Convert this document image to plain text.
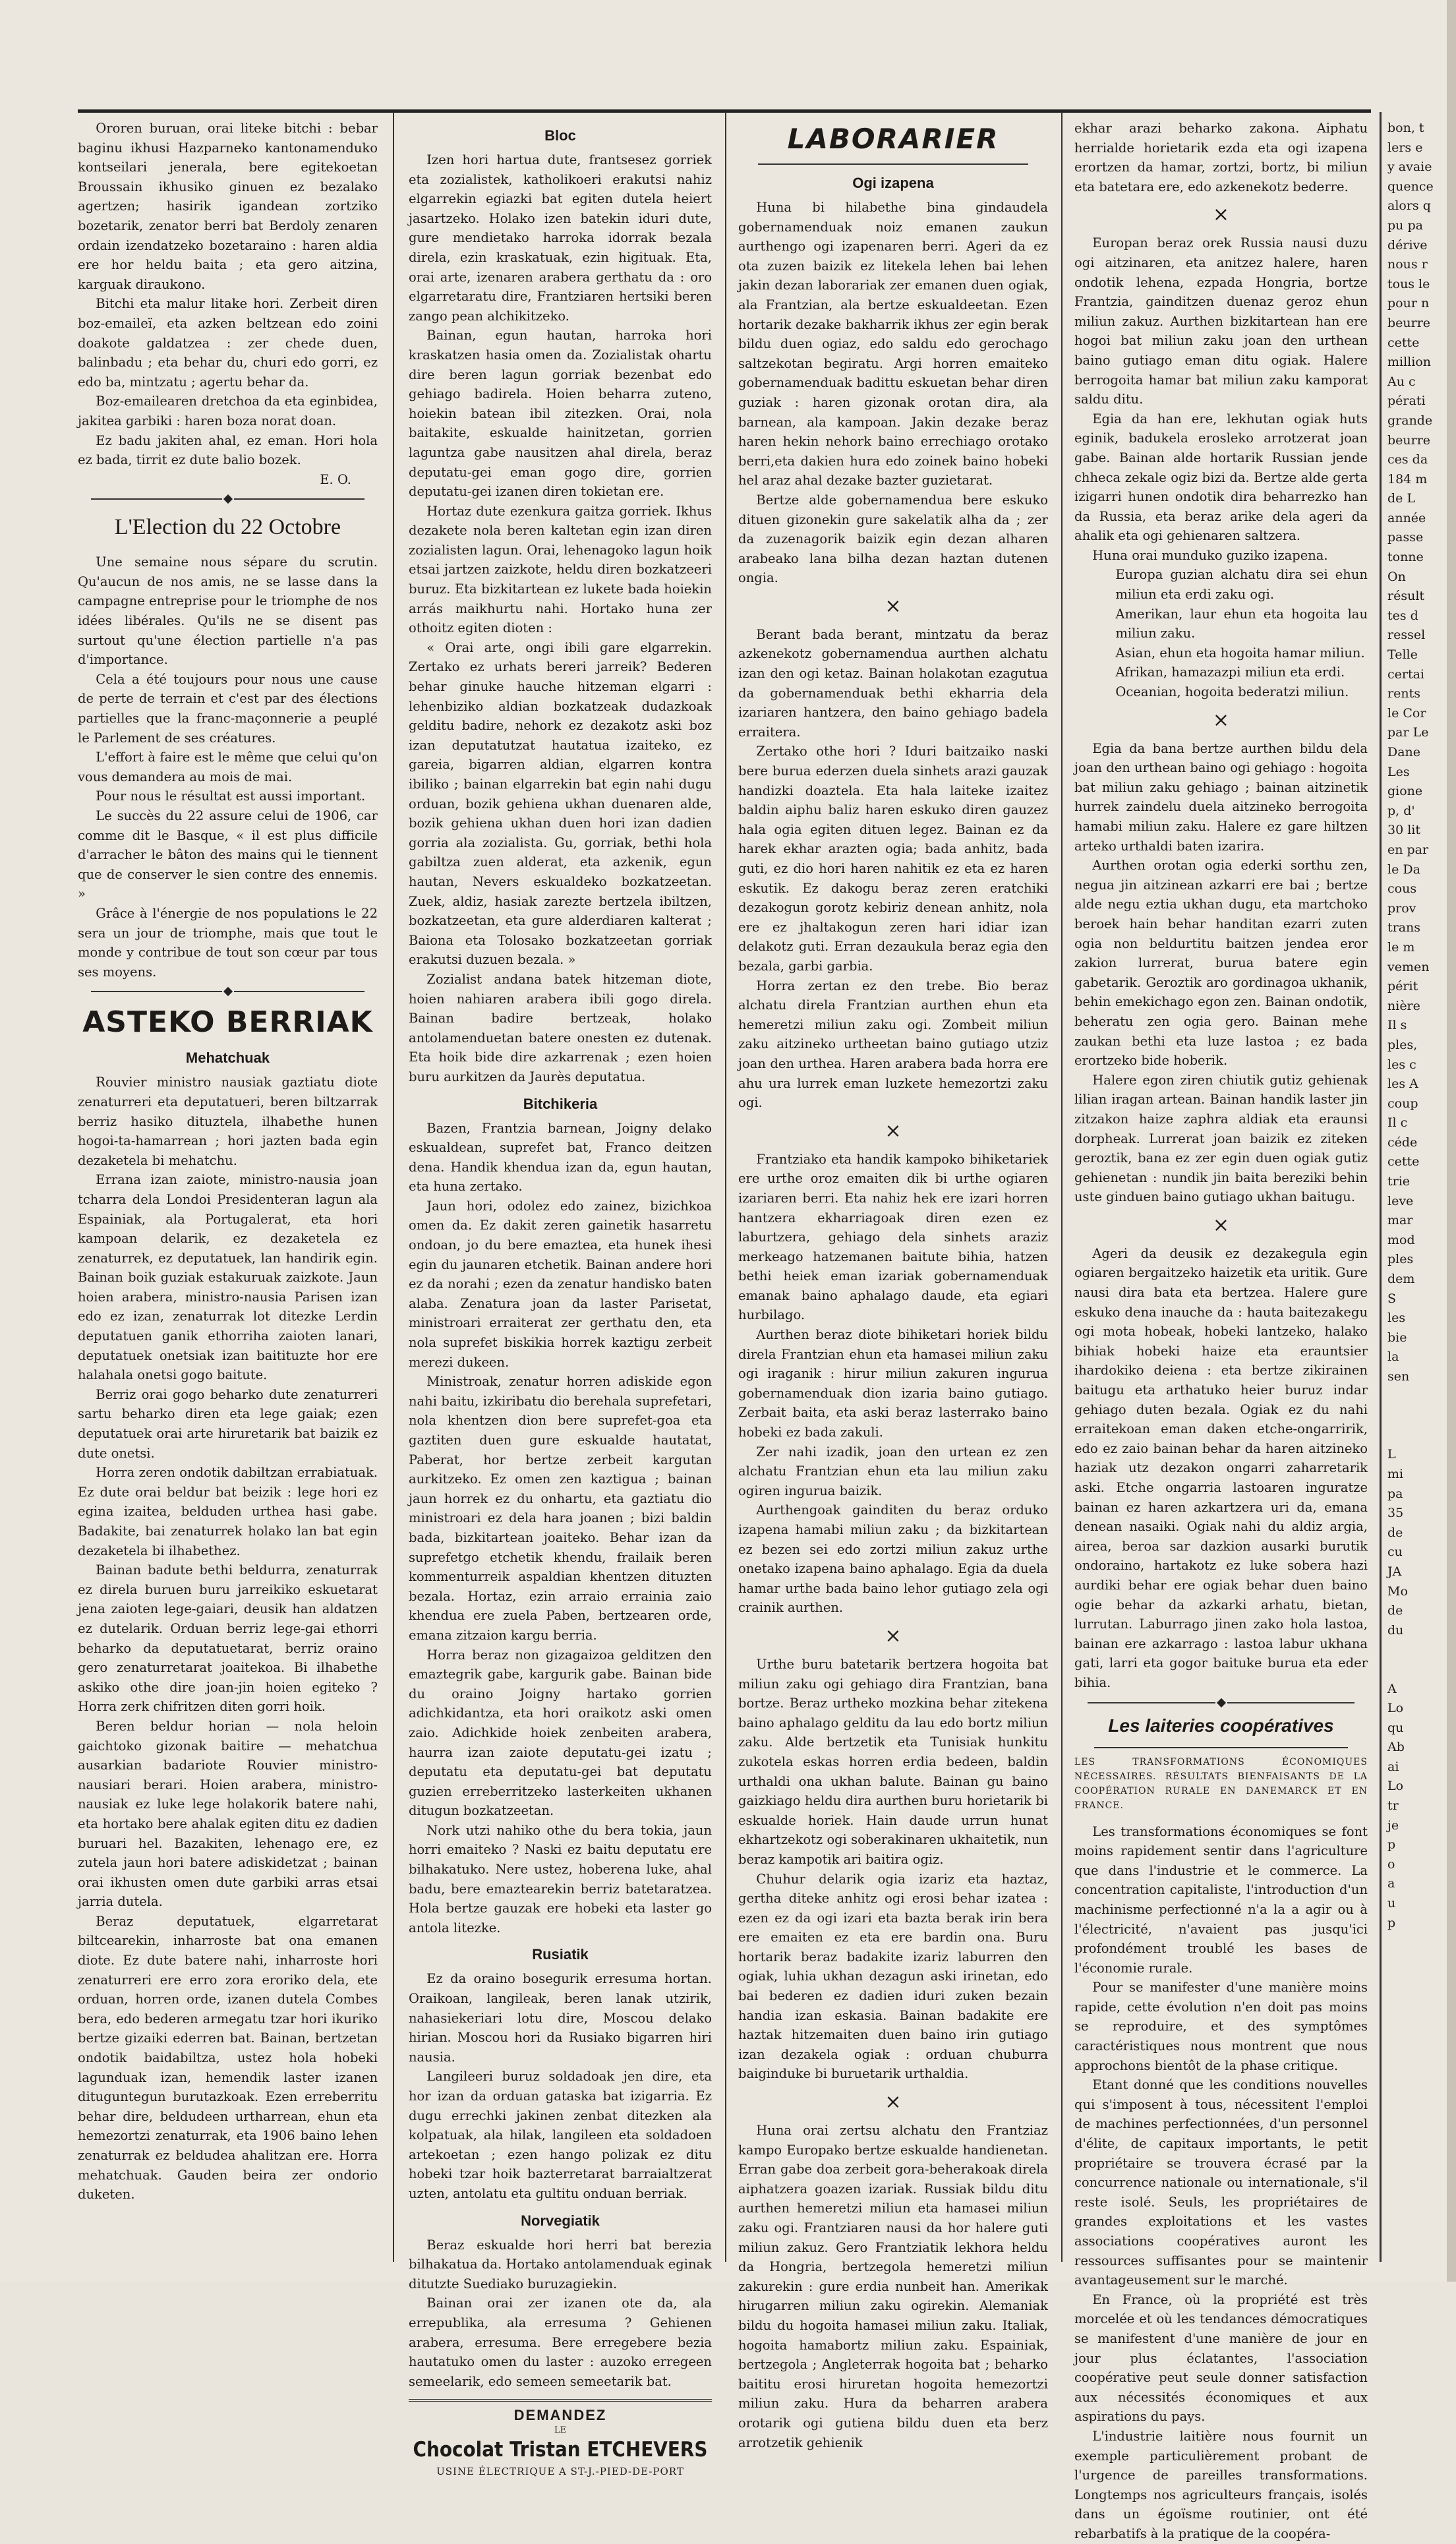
Ororen buruan, orai liteke bitchi : bebar baginu ikhusi Hazparneko kantonamenduko kontseilari jenerala, bere egitekoetan Broussain ikhusiko ginuen ez bezalako agertzen; hasirik igandean zortziko bozetarik, zenator berri bat Berdoly zenaren ordain izendatzeko bozetaraino : haren aldia ere hor heldu baita ; eta gero aitzina, karguak diraukono.

Bitchi eta malur litake hori. Zerbeit diren boz-emaileï, eta azken beltzean edo zoini doakote galdatzea : zer chede duen, balinbadu ; eta behar du, churi edo gorri, ez edo ba, mintzatu ; agertu behar da.

Boz-emailearen dretchoa da eta eginbidea, jakitea garbiki : haren boza norat doan.

Ez badu jakiten ahal, ez eman. Hori hola ez bada, tirrit ez dute balio bozek.

E. O.
L'Election du 22 Octobre

Une semaine nous sépare du scrutin. Qu'aucun de nos amis, ne se lasse dans la campagne entreprise pour le triomphe de nos idées libérales. Qu'ils ne se disent pas surtout qu'une élection partielle n'a pas d'importance.

Cela a été toujours pour nous une cause de perte de terrain et c'est par des élections partielles que la franc-maçonnerie a peuplé le Parlement de ses créatures.

L'effort à faire est le même que celui qu'on vous demandera au mois de mai.

Pour nous le résultat est aussi important.

Le succès du 22 assure celui de 1906, car comme dit le Basque, « il est plus difficile d'arracher le bâton des mains qui le tiennent que de conserver le sien contre des ennemis. »

Grâce à l'énergie de nos populations le 22 sera un jour de triomphe, mais que tout le monde y contribue de tout son cœur par tous ses moyens.

ASTEKO BERRIAK
Mehatchuak

Rouvier ministro nausiak gaztiatu diote zenaturreri eta deputatueri, beren biltzarrak berriz hasiko dituztela, ilhabethe hunen hogoi-ta-hamarrean ; hori jazten bada egin dezaketela bi mehatchu.

Errana izan zaiote, ministro-nausia joan tcharra dela Londoi Presidenteran lagun ala Espainiak, ala Portugalerat, eta hori kampoan delarik, ez dezaketela ez zenaturrek, ez deputatuek, lan handirik egin. Bainan boik guziak estakuruak zaizkote. Jaun hoien arabera, ministro-nausia Parisen izan edo ez izan, zenaturrak lot ditezke Lerdin deputatuen ganik ethorriha zaioten lanari, deputatuek onetsiak izan baitituzte hor ere halahala onetsi gogo baitute.

Berriz orai gogo beharko dute zenaturreri sartu beharko diren eta lege gaiak; ezen deputatuek orai arte hiruretarik bat baizik ez dute onetsi.

Horra zeren ondotik dabiltzan errabiatuak. Ez dute orai beldur bat beizik : lege hori ez egina izaitea, belduden urthea hasi gabe. Badakite, bai zenaturrek holako lan bat egin dezaketela bi ilhabethez.

Bainan badute bethi beldurra, zenaturrak ez direla buruen buru jarreikiko eskuetarat jena zaioten lege-gaiari, deusik han aldatzen ez dutelarik. Orduan berriz lege-gai ethorri beharko da deputatuetarat, berriz oraino gero zenaturretarat joaitekoa. Bi ilhabethe askiko othe dire joan-jin hoien egiteko ? Horra zerk chifritzen diten gorri hoik.

Beren beldur horian — nola heloin gaichtoko gizonak baitire — mehatchua ausarkian badariote Rouvier ministro-nausiari berari. Hoien arabera, ministro-nausiak ez luke lege holakorik batere nahi, eta hortako bere ahalak egiten ditu ez dadien buruari hel. Bazakiten, lehenago ere, ez zutela jaun hori batere adiskidetzat ; bainan orai ikhusten omen dute garbiki arras etsai jarria dutela.

Beraz deputatuek, elgarretarat biltcearekin, inharroste bat ona emanen diote. Ez dute batere nahi, inharroste hori zenaturreri ere erro zora eroriko dela, ete orduan, horren orde, izanen dutela Combes bera, edo bederen armegatu tzar hori ikuriko bertze gizaiki ederren bat. Bainan, bertzetan ondotik baidabiltza, ustez hola hobeki lagunduak izan, hemendik laster izanen dituguntegun burutazkoak. Ezen erreberritu behar dire, beldudeen urtharrean, ehun eta hemezortzi zenaturrak, eta 1906 baino lehen zenaturrak ez beldudea ahalitzan ere. Horra mehatchuak. Gauden beira zer ondorio duketen.

Bloc

Izen hori hartua dute, frantsesez gorriek eta zozialistek, katholikoeri erakutsi nahiz elgarrekin egiazki bat egiten dutela heiert jasartzeko. Holako izen batekin iduri dute, gure mendietako harroka idorrak bezala direla, ezin kraskatuak, ezin higituak. Eta, orai arte, izenaren arabera gerthatu da : oro elgarretaratu dire, Frantziaren hertsiki beren zango pean alchikitzeko.

Bainan, egun hautan, harroka hori kraskatzen hasia omen da. Zozialistak ohartu dire beren lagun gorriak bezenbat edo gehiago badirela. Hoien beharra zuteno, hoiekin batean ibil zitezken. Orai, nola baitakite, eskualde hainitzetan, gorrien laguntza gabe nausitzen ahal direla, beraz deputatu-gei eman gogo dire, gorrien deputatu-gei izanen diren tokietan ere.

Hortaz dute ezenkura gaitza gorriek. Ikhus dezakete nola beren kaltetan egin izan diren zozialisten lagun. Orai, lehenagoko lagun hoik etsai jartzen zaizkote, heldu diren bozkatzeeri buruz. Eta bizkitartean ez lukete bada hoiekin arrás maikhurtu nahi. Hortako huna zer othoitz egiten dioten :

« Orai arte, ongi ibili gare elgarrekin. Zertako ez urhats bereri jarreik? Bederen behar ginuke hauche hitzeman elgarri : lehenbiziko aldian bozkatzeak dudazkoak gelditu badire, nehork ez dezakotz aski boz izan deputatutzat hautatua izaiteko, ez gareia, bigarren aldian, elgarren kontra ibiliko ; bainan elgarrekin bat egin nahi dugu orduan, bozik gehiena ukhan duenaren alde, bozik gehiena ukhan duen hori izan dadien gorria ala zozialista. Gu, gorriak, bethi hola gabiltza zuen alderat, eta azkenik, egun hautan, Nevers eskualdeko bozkatzeetan. Zuek, aldiz, hasiak zarezte bertzela ibiltzen, bozkatzeetan, eta gure alderdiaren kalterat ; Baiona eta Tolosako bozkatzeetan gorriak erakutsi duzuen bezala. »

Zozialist andana batek hitzeman diote, hoien nahiaren arabera ibili gogo direla. Bainan badire bertzeak, holako antolamenduetan batere onesten ez dutenak. Eta hoik bide dire azkarrenak ; ezen hoien buru aurkitzen da Jaurès deputatua.

Bitchikeria

Bazen, Frantzia barnean, Joigny delako eskualdean, suprefet bat, Franco deitzen dena. Handik khendua izan da, egun hautan, eta huna zertako.

Jaun hori, odolez edo zainez, bizichkoa omen da. Ez dakit zeren gainetik hasarretu ondoan, jo du bere emaztea, eta hunek ihesi egin du jaunaren etchetik. Bainan andere hori ez da norahi ; ezen da zenatur handisko baten alaba. Zenatura joan da laster Parisetat, ministroari erraiterat zer gerthatu den, eta nola suprefet biskikia horrek kaztigu zerbeit merezi dukeen.

Ministroak, zenatur horren adiskide egon nahi baitu, izkiribatu dio berehala suprefetari, nola khentzen dion bere suprefet-goa eta gaztiten duen gure eskualde hautatat, Paberat, hor bertze zerbeit kargutan aurkitzeko. Ez omen zen kaztigua ; bainan jaun horrek ez du onhartu, eta gaztiatu dio ministroari ez dela hara joanen ; bizi baldin bada, bizkitartean joaiteko. Behar izan da suprefetgo etchetik khendu, frailaik beren kommenturreik aspaldian khentzen dituzten bezala. Hortaz, ezin arraio errainia zaio khendua ere zuela Paben, bertzearen orde, emana zitzaion kargu berria.

Horra beraz non gizagaizoa gelditzen den emaztegrik gabe, kargurik gabe. Bainan bide du oraino Joigny hartako gorrien adichkidantza, eta hori oraikotz aski omen zaio. Adichkide hoiek zenbeiten arabera, haurra izan zaiote deputatu-gei izatu ; deputatu eta deputatu-gei bat deputatu guzien erreberritzeko lasterkeiten ukhanen ditugun bozkatzeetan.

Nork utzi nahiko othe du bera tokia, jaun horri emaiteko ? Naski ez baitu deputatu ere bilhakatuko. Nere ustez, hoberena luke, ahal badu, bere emaztearekin berriz batetaratzea. Hola bertze gauzak ere hobeki eta laster go antola litezke.

Rusiatik

Ez da oraino bosegurik erresuma hortan. Oraikoan, langileak, beren lanak utzirik, nahasiekeriari lotu dire, Moscou delako hirian. Moscou hori da Rusiako bigarren hiri nausia.

Langileeri buruz soldadoak jen dire, eta hor izan da orduan gataska bat izigarria. Ez dugu errechki jakinen zenbat ditezken ala kolpatuak, ala hilak, langileen eta soldadoen artekoetan ; ezen hango polizak ez ditu hobeki tzar hoik bazterretarat barraialtzerat uzten, antolatu eta gultitu onduan berriak.

Norvegiatik

Beraz eskualde hori herri bat berezia bilhakatua da. Hortako antolamenduak eginak ditutzte Suediako buruzagiekin.

Bainan orai zer izanen ote da, ala errepublika, ala erresuma ? Gehienen arabera, erresuma. Bere erregebere bezia hautatuko omen du laster : auzoko erregeen semeelarik, edo semeen semeetarik bat.

DEMANDEZ
LE
Chocolat Tristan ETCHEVERS
USINE ÉLECTRIQUE A ST-J.-PIED-DE-PORT
LABORARIER
Ogi izapena

Huna bi hilabethe bina gindaudela gobernamenduak noiz emanen zaukun aurthengo ogi izapenaren berri. Ageri da ez ota zuzen baizik ez litekela lehen bai lehen jakin dezan laborariak zer emanen duen ogiak, ala Frantzian, ala bertze eskualdeetan. Ezen hortarik dezake bakharrik ikhus zer egin berak bildu duen ogiaz, edo saldu edo gerochago saltzekotan begiratu. Argi horren emaiteko gobernamenduak badittu eskuetan behar diren guziak : haren gizonak orotan dira, ala barnean, ala kampoan. Jakin dezake beraz haren hekin nehork baino errechiago orotako berri,eta dakien hura edo zoinek baino hobeki hel araz ahal dezake bazter guzietarat.

Bertze alde gobernamendua bere eskuko dituen gizonekin gure sakelatik alha da ; zer da zuzenagorik baizik egin dezan alharen arabeako lana bilha dezan haztan dutenen ongia.

×

Berant bada berant, mintzatu da beraz azkenekotz gobernamendua aurthen alchatu izan den ogi ketaz. Bainan holakotan ezagutua da gobernamenduak bethi ekharria dela izariaren hantzera, den baino gehiago badela erraitera.

Zertako othe hori ? Iduri baitzaiko naski bere burua ederzen duela sinhets arazi gauzak handizki doaztela. Eta hala laiteke izaitez baldin aiphu baliz haren eskuko diren gauzez hala ogia egiten dituen legez. Bainan ez da harek ekhar arazten ogia; bada anhitz, bada guti, ez dio hori haren nahitik ez eta ez haren eskutik. Ez dakogu beraz zeren eratchiki dezakogun gorotz kebiriz denean anhitz, nola ere ez jhaltakogun zeren hari idiar izan delakotz guti. Erran dezaukula beraz egia den bezala, garbi garbia.

Horra zertan ez den trebe. Bio beraz alchatu direla Frantzian aurthen ehun eta hemeretzi miliun zaku ogi. Zombeit miliun zaku aitzineko urtheetan baino gutiago utziz joan den urthea. Haren arabera bada horra ere ahu ura lurrek eman luzkete hemezortzi zaku ogi.

×

Frantziako eta handik kampoko bihiketariek ere urthe oroz emaiten dik bi urthe ogiaren izariaren berri. Eta nahiz hek ere izari horren hantzera ekharriagoak diren ezen ez laburtzera, gehiago dela sinhets araziz merkeago hatzemanen baitute bihia, hatzen bethi heiek eman izariak gobernamenduak emanak baino aphalago daude, eta egiari hurbilago.

Aurthen beraz diote bihiketari horiek bildu direla Frantzian ehun eta hamasei miliun zaku ogi iraganik : hirur miliun zakuren ingurua gobernamenduak dion izaria baino gutiago. Zerbait baita, eta aski beraz lasterrako baino hobeki ez bada zakuli.

Zer nahi izadik, joan den urtean ez zen alchatu Frantzian ehun eta lau miliun zaku ogiren ingurua baizik.

Aurthengoak gainditen du beraz orduko izapena hamabi miliun zaku ; da bizkitartean ez bezen sei edo zortzi miliun zakuz urthe onetako izapena baino aphalago. Egia da duela hamar urthe bada baino lehor gutiago zela ogi crainik aurthen.

×

Urthe buru batetarik bertzera hogoita bat miliun zaku ogi gehiago dira Frantzian, bana bortze. Beraz urtheko mozkina behar zitekena baino aphalago gelditu da lau edo bortz miliun zaku. Alde bertzetik eta Tunisiak hunkitu zukotela eskas horren erdia bedeen, baldin urthaldi ona ukhan balute. Bainan gu baino gaizkiago heldu dira aurthen buru horietarik bi eskualde horiek. Hain daude urrun hunat ekhartzekotz ogi soberakinaren ukhaitetik, nun beraz kampotik ari baitira ogiz.

Chuhur delarik ogia izariz eta haztaz, gertha diteke anhitz ogi erosi behar izatea : ezen ez da ogi izari eta bazta berak irin bera ere emaiten ez eta ere bardin ona. Buru hortarik beraz badakite izariz laburren den ogiak, luhia ukhan dezagun aski irinetan, edo bai bederen ez dadien iduri zuken bezain handia izan eskasia. Bainan badakite ere haztak hitzemaiten duen baino irin gutiago izan dezakela ogiak : orduan chuburra baiginduke bi buruetarik urthaldia.

×

Huna orai zertsu alchatu den Frantziaz kampo Europako bertze eskualde handienetan. Erran gabe doa zerbeit gora-beherakoak direla aiphatzera goazen izariak. Russiak bildu ditu aurthen hemeretzi miliun eta hamasei miliun zaku ogi. Frantziaren nausi da hor halere guti miliun zakuz. Gero Frantziatik lekhora heldu da Hongria, bertzegola hemeretzi miliun zakurekin : gure erdia nunbeit han. Amerikak hirugarren miliun zaku ogirekin. Alemaniak bildu du hogoita hamasei miliun zaku. Italiak, hogoita hamabortz miliun zaku. Espainiak, bertzegola ; Angleterrak hogoita bat ; beharko baititu erosi hiruretan hogoita hemezortzi miliun zaku. Hura da beharren arabera orotarik ogi gutiena bildu duen eta berz arrotzetik gehienik

ekhar arazi beharko zakona. Aiphatu herrialde horietarik ezda eta ogi izapena erortzen da hamar, zortzi, bortz, bi miliun eta batetara ere, edo azkenekotz bederre.

×

Europan beraz orek Russia nausi duzu ogi aitzinaren, eta anitzez halere, haren ondotik lehena, ezpada Hongria, bortze Frantzia, gainditzen duenaz geroz ehun miliun zakuz. Aurthen bizkitartean han ere hogoi bat miliun zaku joan den urthean baino gutiago eman ditu ogiak. Halere berrogoita hamar bat miliun zaku kamporat saldu ditu.

Egia da han ere, lekhutan ogiak huts eginik, badukela erosleko arrotzerat joan gabe. Bainan alde hortarik Russian jende chheca zekale ogiz bizi da. Bertze alde gerta izigarri hunen ondotik dira beharrezko han da Russia, eta beraz arike dela ageri da ahalik eta ogi gehienaren saltzera.

Huna orai munduko guziko izapena.

Europa guzian alchatu dira sei ehun miliun eta erdi zaku ogi.

Amerikan, laur ehun eta hogoita lau miliun zaku.

Asian, ehun eta hogoita hamar miliun.

Afrikan, hamazazpi miliun eta erdi.

Oceanian, hogoita bederatzi miliun.

×

Egia da bana bertze aurthen bildu dela joan den urthean baino ogi gehiago : hogoita bat miliun zaku gehiago ; bainan aitzinetik hurrek zaindelu duela aitzineko berrogoita hamabi miliun zaku. Halere ez gare hiltzen arteko urthaldi baten izarira.

Aurthen orotan ogia ederki sorthu zen, negua jin aitzinean azkarri ere bai ; bertze alde negu eztia ukhan dugu, eta martchoko beroek hain behar handitan ezarri zuten ogia non beldurtitu baitzen jendea eror zakion lurrerat, burua batere egin gabetarik. Geroztik aro gordinagoa ukhanik, behin emekichago egon zen. Bainan ondotik, beheratu zen ogia gero. Bainan mehe zaukan bethi eta luze lastoa ; ez bada erortzeko bide hoberik.

Halere egon ziren chiutik gutiz gehienak lilian iragan artean. Bainan handik laster jin zitzakon haize zaphra aldiak eta eraunsi dorpheak. Lurrerat joan baizik ez ziteken geroztik, bana ez zer egin duen ogiak gutiz gehienetan : nundik jin baita bereziki behin uste ginduen baino gutiago ukhan baitugu.

×

Ageri da deusik ez dezakegula egin ogiaren bergaitzeko haizetik eta uritik. Gure nausi dira bata eta bertzea. Halere gure eskuko dena inauche da : hauta baitezakegu ogi mota hobeak, hobeki lantzeko, halako bihiak hobeki haize eta erauntsier ihardokiko deiena : eta bertze zikirainen baitugu eta arthatuko heier buruz indar gehiago duten bezala. Ogiak ez du nahi erraitekoan eman daken etche-ongarririk, edo ez zaio bainan behar da haren aitzineko haziak utz dezakon ongarri zaharretarik aski. Etche ongarria lastoaren inguratze bainan ez haren azkartzera uri da, emana denean nasaiki. Ogiak nahi du aldiz argia, airea, beroa sar dazkion ausarki burutik ondoraino, hartakotz ez luke sobera hazi aurdiki behar ere ogiak behar duen baino ogie behar da azkarki arhatu, bietan, lurrutan. Laburrago jinen zako hola lastoa, bainan ere azkarrago : lastoa labur ukhana gati, larri eta gogor baituke burua eta eder bihia.

Les laiteries coopératives
LES TRANSFORMATIONS ÉCONOMIQUES NÉCESSAIRES. RÉSULTATS BIENFAISANTS DE LA COOPÉRATION RURALE EN DANEMARCK ET EN FRANCE.

Les transformations économiques se font moins rapidement sentir dans l'agriculture que dans l'industrie et le commerce. La concentration capitaliste, l'introduction d'un machinisme perfectionné n'a la a agir ou à l'électricité, n'avaient pas jusqu'ici profondément troublé les bases de l'économie rurale.

Pour se manifester d'une manière moins rapide, cette évolution n'en doit pas moins se reproduire, et des symptômes caractéristiques nous montrent que nous approchons bientôt de la phase critique.

Etant donné que les conditions nouvelles qui s'imposent à tous, nécessitent l'emploi de machines perfectionnées, d'un personnel d'élite, de capitaux importants, le petit propriétaire se trouvera écrasé par la concurrence nationale ou internationale, s'il reste isolé. Seuls, les propriétaires de grandes exploitations et les vastes associations coopératives auront les ressources suffisantes pour se maintenir avantageusement sur le marché.

En France, où la propriété est très morcelée et où les tendances démocratiques se manifestent d'une manière de jour en jour plus éclatantes, l'association coopérative peut seule donner satisfaction aux nécessités économiques et aux aspirations du pays.

L'industrie laitière nous fournit un exemple particulièrement probant de l'urgence de pareilles transformations. Longtemps nos agriculteurs français, isolés dans un égoïsme routinier, ont été rebarbatifs à la pratique de la coopéra-

bon, t
lers e
y avaie
quence
alors q
pu pa
dérive
nous r
tous le
pour n
beurre
cette
million
Au c
pérati
grande
beurre
ces da
184 m
de L
année
passe
tonne
On
résult
tes d
ressel
Telle
certai
rents
le Cor
par Le
Dane
Les
gione
p, d'
30 lit
en par
le Da
cous
prov
trans
le m
vemen
périt
nière
Il s
ples,
les c
les A
coup
Il c
céde
cette
trie
leve
mar
mod
ples
dem
S
les
bie
la
sen

L
mi
pa
35
de
cu
JA
Mo
de
du

A
Lo
qu
Ab
ai
Lo
tr
je
p
o
a
u
p
